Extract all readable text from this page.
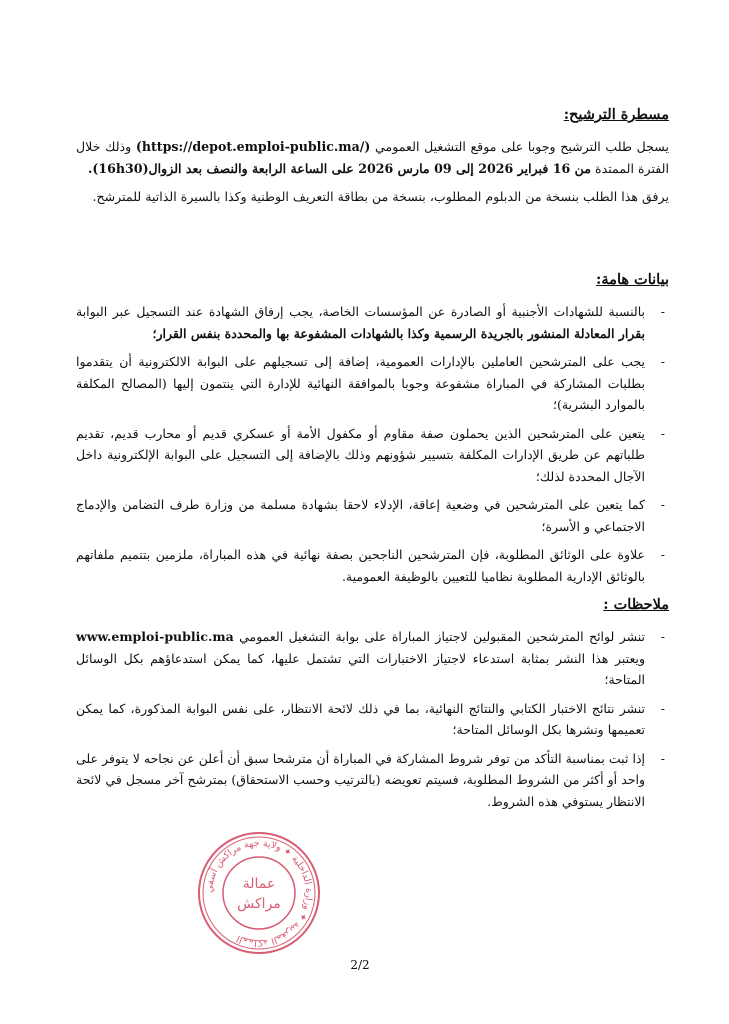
مسطرة الترشيح:

يسجل طلب الترشيح وجوبا على موقع التشغيل العمومي (https://depot.emploi-public.ma/) وذلك خلال الفترة الممتدة من 16 فبراير 2026 إلى 09 مارس 2026 على الساعة الرابعة والنصف بعد الزوال(16h30).

يرفق هذا الطلب بنسخة من الدبلوم المطلوب، بنسخة من بطاقة التعريف الوطنية وكذا بالسيرة الذاتية للمترشح.

بيانات هامة:
-
بالنسبة للشهادات الأجنبية أو الصادرة عن المؤسسات الخاصة، يجب إرفاق الشهادة عند التسجيل عبر البوابة بقرار المعادلة المنشور بالجريدة الرسمية وكذا بالشهادات المشفوعة بها والمحددة بنفس القرار؛
-
يجب على المترشحين العاملين بالإدارات العمومية، إضافة إلى تسجيلهم على البوابة الالكترونية أن يتقدموا بطلبات المشاركة في المباراة مشفوعة وجوبا بالموافقة النهائية للإدارة التي ينتمون إليها (المصالح المكلفة بالموارد البشرية)؛
-
يتعين على المترشحين الذين يحملون صفة مقاوم أو مكفول الأمة أو عسكري قديم أو محارب قديم، تقديم طلباتهم عن طريق الإدارات المكلفة بتسيير شؤونهم وذلك بالإضافة إلى التسجيل على البوابة الإلكترونية داخل الآجال المحددة لذلك؛
-
كما يتعين على المترشحين في وضعية إعاقة، الإدلاء لاحقا بشهادة مسلمة من وزارة طرف التضامن والإدماج الاجتماعي و الأسرة؛
-
علاوة على الوثائق المطلوبة، فإن المترشحين الناجحين بصفة نهائية في هذه المباراة، ملزمين بتتميم ملفاتهم بالوثائق الإدارية المطلوبة نظاميا للتعيين بالوظيفة العمومية.
ملاحظات :
-
تنشر لوائح المترشحين المقبولين لاجتياز المباراة على بوابة التشغيل العمومي www.emploi-public.ma ويعتبر هذا النشر بمثابة استدعاء لاجتياز الاختبارات التي تشتمل عليها، كما يمكن استدعاؤهم بكل الوسائل المتاحة؛
-
تنشر نتائج الاختبار الكتابي والنتائج النهائية، بما في ذلك لائحة الانتظار، على نفس البوابة المذكورة، كما يمكن تعميمها ونشرها بكل الوسائل المتاحة؛
-
إذا ثبت بمناسبة التأكد من توفر شروط المشاركة في المباراة أن مترشحا سبق أن أعلن عن نجاحه لا يتوفر على واحد أو أكثر من الشروط المطلوبة، فسيتم تعويضه (بالترتيب وحسب الاستحقاق) بمترشح آخر مسجل في لائحة الانتظار يستوفي هذه الشروط.
المملكة المغربية ✦ وزارة الداخلية ✦ ولاية جهة مراكش آسفي
عمالة
مراكش
2/2
